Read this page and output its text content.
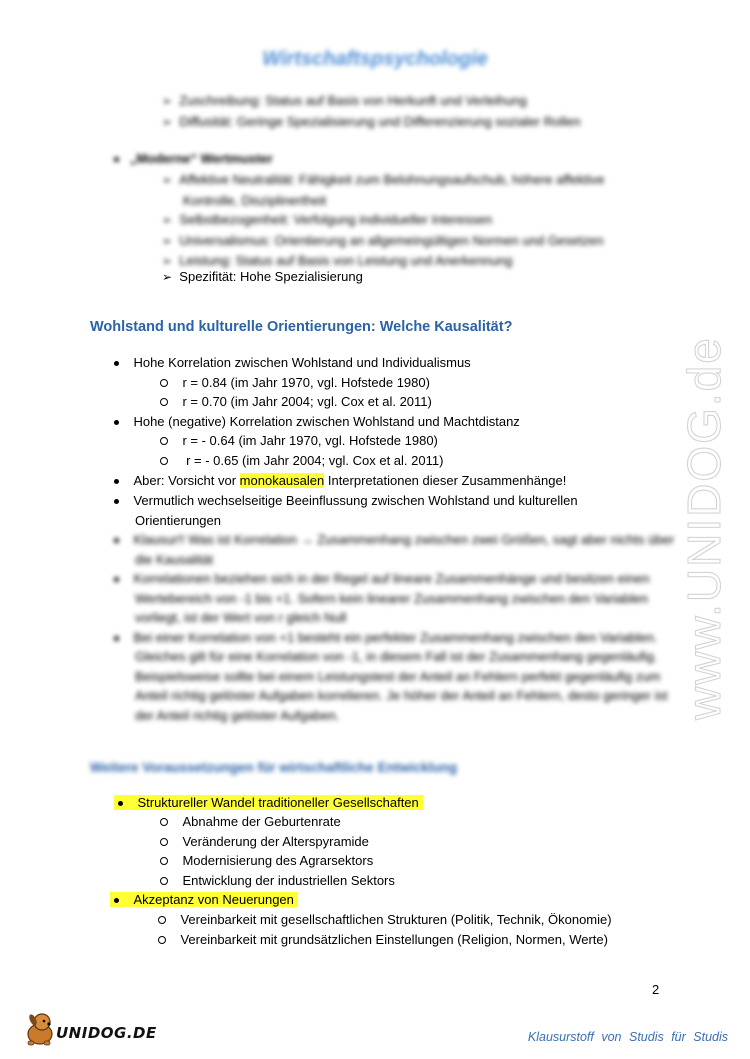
Wirtschaftspsychologie
➢ Zuschreibung: Status auf Basis von Herkunft und Verleihung
➢ Diffusität: Geringe Spezialisierung und Differenzierung sozialer Rollen
„Moderne“ Wertmuster
➢ Affektive Neutralität: Fähigkeit zum Belohnungsaufschub, höhere affektive
Kontrolle, Disziplinertheit
➢ Selbstbezogenheit: Verfolgung individueller Interessen
➢ Universalismus: Orientierung an allgemeingültigen Normen und Gesetzen
➢ Leistung: Status auf Basis von Leistung und Anerkennung
➢ Spezifität: Hohe Spezialisierung
Wohlstand und kulturelle Orientierungen: Welche Kausalität?
Hohe Korrelation zwischen Wohlstand und Individualismus
r = 0.84 (im Jahr 1970, vgl. Hofstede 1980)
r = 0.70 (im Jahr 2004; vgl. Cox et al. 2011)
Hohe (negative) Korrelation zwischen Wohlstand und Machtdistanz
r = - 0.64 (im Jahr 1970, vgl. Hofstede 1980)
r = - 0.65 (im Jahr 2004; vgl. Cox et al. 2011)
Aber: Vorsicht vor monokausalen Interpretationen dieser Zusammenhänge!
Vermutlich wechselseitige Beeinflussung zwischen Wohlstand und kulturellen
Orientierungen
Klausur!! Was ist Korrelation → Zusammenhang zwischen zwei Größen, sagt aber nichts über
die Kausalität
Korrelationen beziehen sich in der Regel auf lineare Zusammenhänge und besitzen einen
Wertebereich von -1 bis +1. Sofern kein linearer Zusammenhang zwischen den Variablen
vorliegt, ist der Wert von r gleich Null
Bei einer Korrelation von +1 besteht ein perfekter Zusammenhang zwischen den Variablen.
Gleiches gilt für eine Korrelation von -1, in diesem Fall ist der Zusammenhang gegenläufig.
Beispielsweise sollte bei einem Leistungstest der Anteil an Fehlern perfekt gegenläufig zum
Anteil richtig gelöster Aufgaben korrelieren. Je höher der Anteil an Fehlern, desto geringer ist
der Anteil richtig gelöster Aufgaben.
Weitere Voraussetzungen für wirtschaftliche Entwicklung
Struktureller Wandel traditioneller Gesellschaften
Abnahme der Geburtenrate
Veränderung der Alterspyramide
Modernisierung des Agrarsektors
Entwicklung der industriellen Sektors
Akzeptanz von Neuerungen
Vereinbarkeit mit gesellschaftlichen Strukturen (Politik, Technik, Ökonomie)
Vereinbarkeit mit grundsätzlichen Einstellungen (Religion, Normen, Werte)
www.UNIDOG.de
2
UNIDOG.DE	Klausurstoff von Studis für Studis
